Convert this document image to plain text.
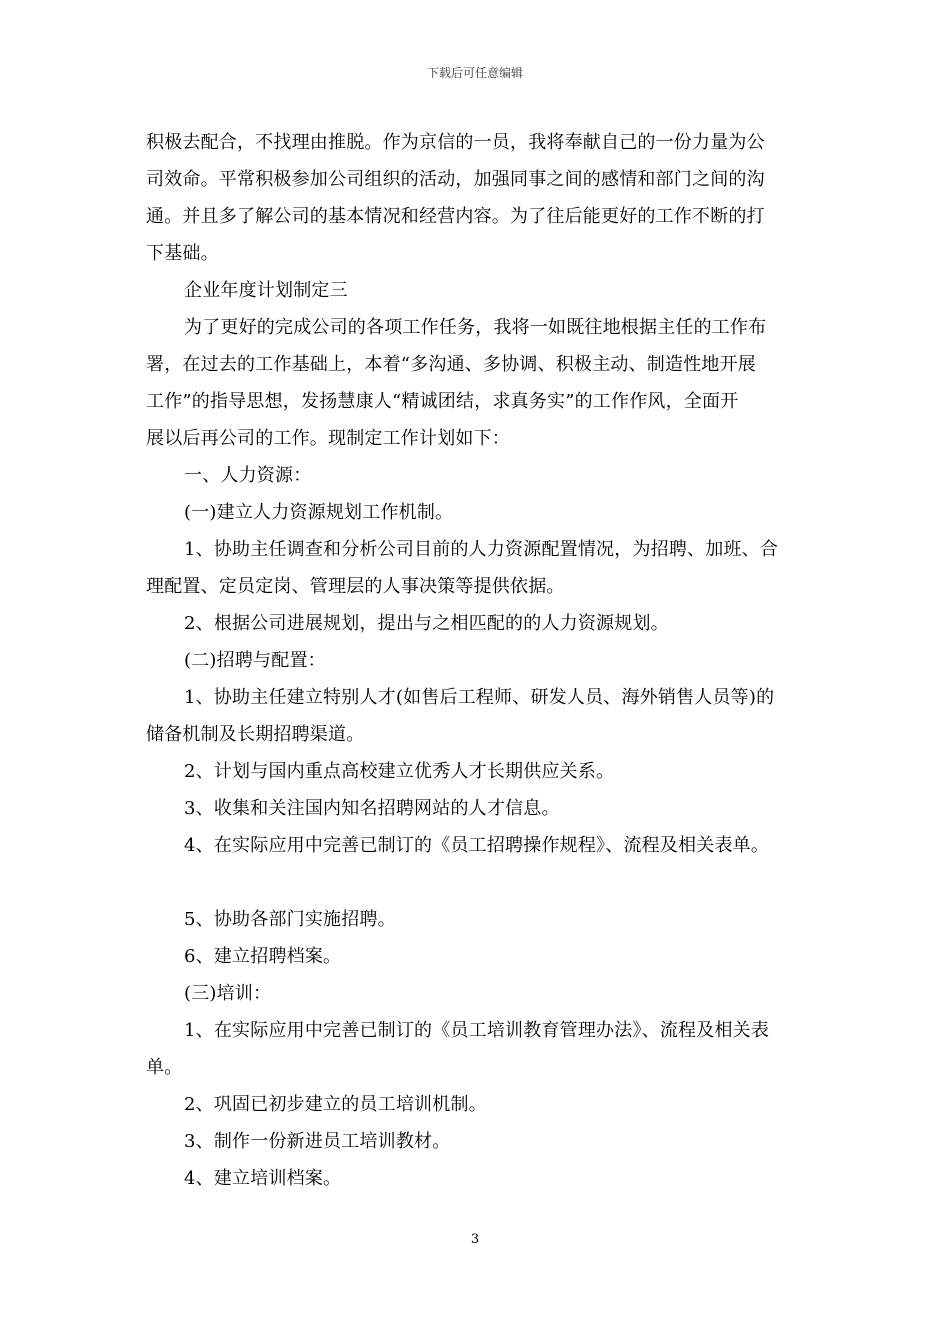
下载后可任意编辑

积极去配合，不找理由推脱。作为京信的一员，我将奉献自己的一份力量为公

司效命。平常积极参加公司组织的活动，加强同事之间的感情和部门之间的沟

通。并且多了解公司的基本情况和经营内容。为了往后能更好的工作不断的打

下基础。

企业年度计划制定三

为了更好的完成公司的各项工作任务，我将一如既往地根据主任的工作布

署，在过去的工作基础上，本着“多沟通、多协调、积极主动、制造性地开展

工作”的指导思想，发扬慧康人“精诚团结，求真务实”的工作作风，全面开

展以后再公司的工作。现制定工作计划如下：

一、人力资源：

(一)建立人力资源规划工作机制。

1、协助主任调查和分析公司目前的人力资源配置情况，为招聘、加班、合

理配置、定员定岗、管理层的人事决策等提供依据。

2、根据公司进展规划，提出与之相匹配的的人力资源规划。

(二)招聘与配置：

1、协助主任建立特别人才(如售后工程师、研发人员、海外销售人员等)的

储备机制及长期招聘渠道。

2、计划与国内重点高校建立优秀人才长期供应关系。

3、收集和关注国内知名招聘网站的人才信息。

4、在实际应用中完善已制订的《员工招聘操作规程》、流程及相关表单。

5、协助各部门实施招聘。

6、建立招聘档案。

(三)培训：

1、在实际应用中完善已制订的《员工培训教育管理办法》、流程及相关表

单。

2、巩固已初步建立的员工培训机制。

3、制作一份新进员工培训教材。

4、建立培训档案。

3
